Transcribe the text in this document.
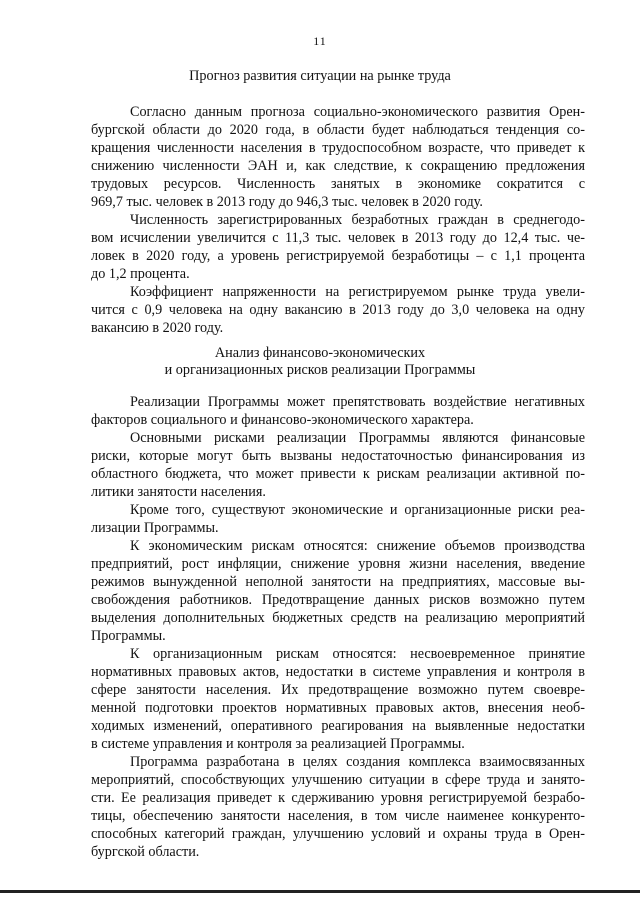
11
Прогноз развития ситуации на рынке труда
Согласно данным прогноза социально-экономического развития Орен-
бургской области до 2020 года, в области будет наблюдаться тенденция со-
кращения численности населения в трудоспособном возрасте, что приведет к
снижению численности ЭАН и, как следствие, к сокращению предложения
трудовых ресурсов. Численность занятых в экономике сократится с
969,7 тыс. человек в 2013 году до 946,3 тыс. человек в 2020 году.
Численность зарегистрированных безработных граждан в среднегодо-
вом исчислении увеличится с 11,3 тыс. человек в 2013 году до 12,4 тыс. че-
ловек в 2020 году, а уровень регистрируемой безработицы – с 1,1 процента
до 1,2 процента.
Коэффициент напряженности на регистрируемом рынке труда увели-
чится с 0,9 человека на одну вакансию в 2013 году до 3,0 человека на одну
вакансию в 2020 году.
Анализ финансово-экономических
и организационных рисков реализации Программы
Реализации Программы может препятствовать воздействие негативных
факторов социального и финансово-экономического характера.
Основными рисками реализации Программы являются финансовые
риски, которые могут быть вызваны недостаточностью финансирования из
областного бюджета, что может привести к рискам реализации активной по-
литики занятости населения.
Кроме того, существуют экономические и организационные риски реа-
лизации Программы.
К экономическим рискам относятся: снижение объемов производства
предприятий, рост инфляции, снижение уровня жизни населения, введение
режимов вынужденной неполной занятости на предприятиях, массовые вы-
свобождения работников. Предотвращение данных рисков возможно путем
выделения дополнительных бюджетных средств на реализацию мероприятий
Программы.
К организационным рискам относятся: несвоевременное принятие
нормативных правовых актов, недостатки в системе управления и контроля в
сфере занятости населения. Их предотвращение возможно путем своевре-
менной подготовки проектов нормативных правовых актов, внесения необ-
ходимых изменений, оперативного реагирования на выявленные недостатки
в системе управления и контроля за реализацией Программы.
Программа разработана в целях создания комплекса взаимосвязанных
мероприятий, способствующих улучшению ситуации в сфере труда и занято-
сти. Ее реализация приведет к сдерживанию уровня регистрируемой безрабо-
тицы, обеспечению занятости населения, в том числе наименее конкуренто-
способных категорий граждан, улучшению условий и охраны труда в Орен-
бургской области.
